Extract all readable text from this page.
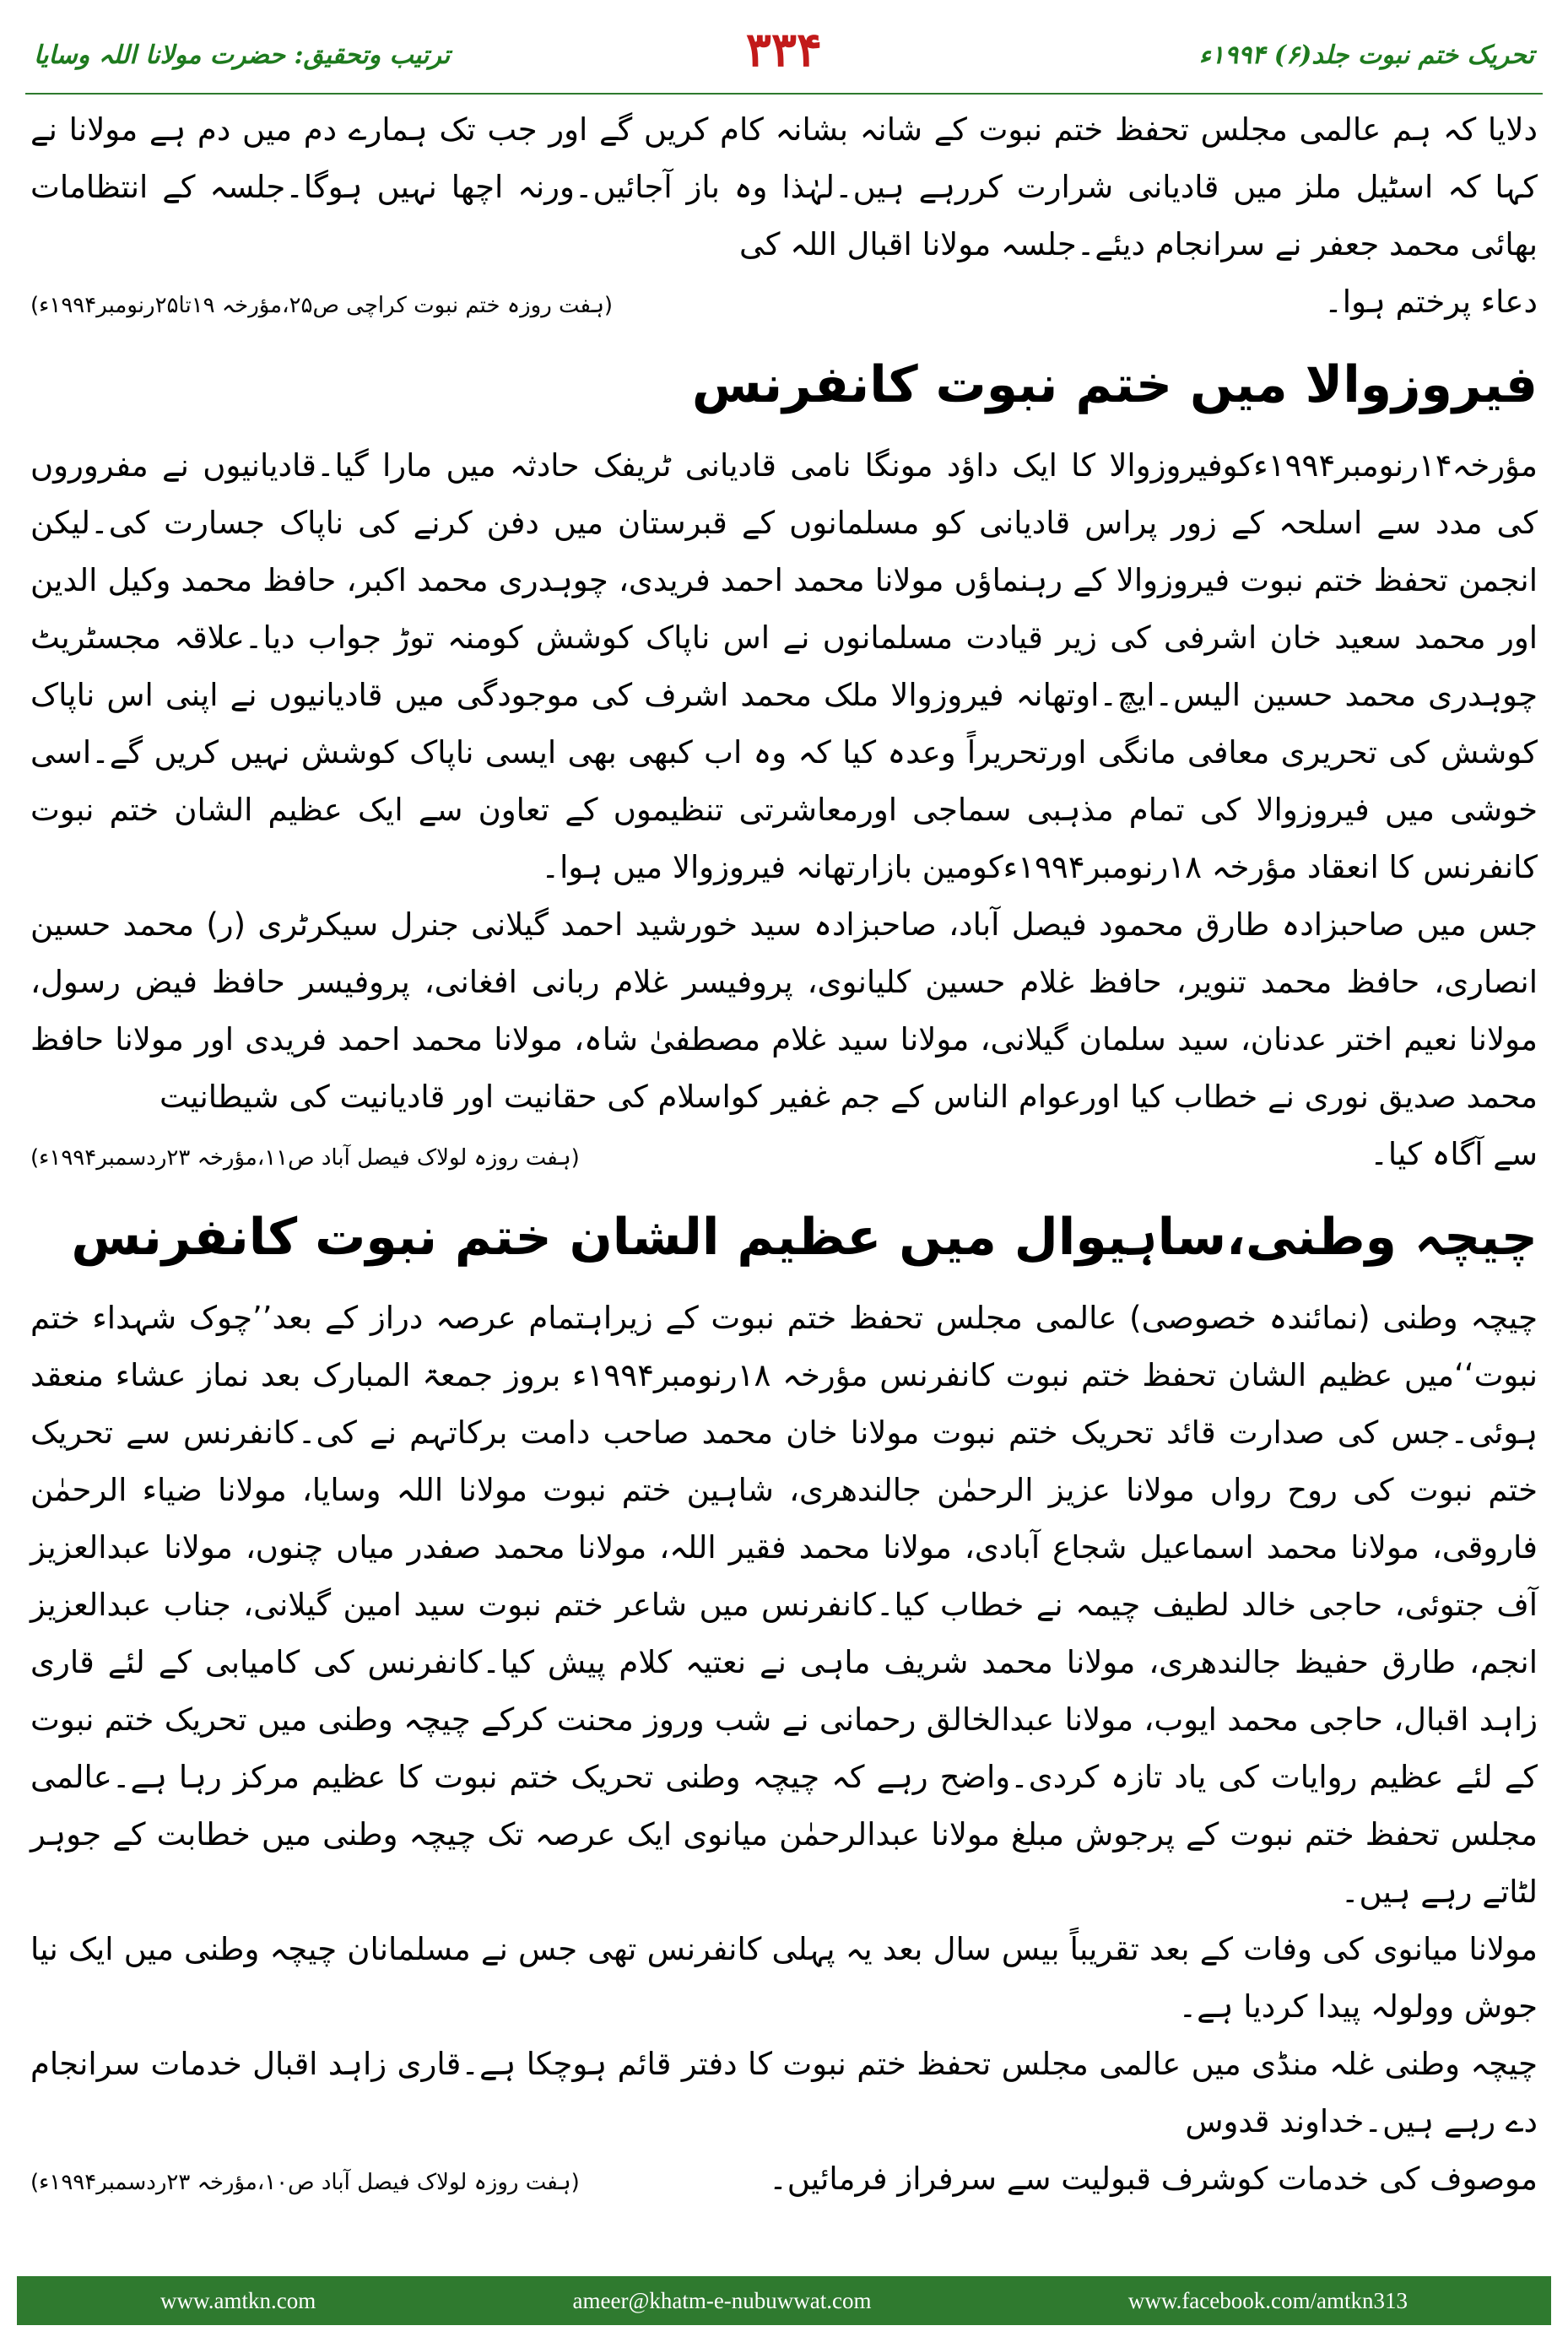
ترتیب وتحقیق: حضرت مولانا اللہ وسایا	۳۳۴	تحریک ختم نبوت جلد(۶) ۱۹۹۴ء

دلایا کہ ہم عالمی مجلس تحفظ ختم نبوت کے شانہ بشانہ کام کریں گے اور جب تک ہمارے دم میں دم ہے مولانا نے کہا کہ اسٹیل ملز میں قادیانی شرارت کررہے ہیں۔لہٰذا وہ باز آجائیں۔ورنہ اچھا نہیں ہوگا۔جلسہ کے انتظامات بھائی محمد جعفر نے سرانجام دیئے۔جلسہ مولانا اقبال اللہ کی

دعاء پرختم ہوا۔
(ہفت روزہ ختم نبوت کراچی ص۲۵،مؤرخہ ۱۹تا۲۵رنومبر۱۹۹۴ء)
فیروزوالا میں ختم نبوت کانفرنس

مؤرخہ۱۴رنومبر۱۹۹۴ءکوفیروزوالا کا ایک داؤد مونگا نامی قادیانی ٹریفک حادثہ میں مارا گیا۔قادیانیوں نے مفروروں کی مدد سے اسلحہ کے زور پراس قادیانی کو مسلمانوں کے قبرستان میں دفن کرنے کی ناپاک جسارت کی۔لیکن انجمن تحفظ ختم نبوت فیروزوالا کے رہنماؤں مولانا محمد احمد فریدی، چوہدری محمد اکبر، حافظ محمد وکیل الدین اور محمد سعید خان اشرفی کی زیر قیادت مسلمانوں نے اس ناپاک کوشش کومنہ توڑ جواب دیا۔علاقہ مجسٹریٹ چوہدری محمد حسین الیس۔ایچ۔اوتھانہ فیروزوالا ملک محمد اشرف کی موجودگی میں قادیانیوں نے اپنی اس ناپاک کوشش کی تحریری معافی مانگی اورتحریراً وعدہ کیا کہ وہ اب کبھی بھی ایسی ناپاک کوشش نہیں کریں گے۔اسی خوشی میں فیروزوالا کی تمام مذہبی سماجی اورمعاشرتی تنظیموں کے تعاون سے ایک عظیم الشان ختم نبوت کانفرنس کا انعقاد مؤرخہ ۱۸رنومبر۱۹۹۴ءکومین بازارتھانہ فیروزوالا میں ہوا۔

جس میں صاحبزادہ طارق محمود فیصل آباد، صاحبزادہ سید خورشید احمد گیلانی جنرل سیکرٹری (ر) محمد حسین انصاری، حافظ محمد تنویر، حافظ غلام حسین کلیانوی، پروفیسر غلام ربانی افغانی، پروفیسر حافظ فیض رسول، مولانا نعیم اختر عدنان، سید سلمان گیلانی، مولانا سید غلام مصطفیٰ شاہ، مولانا محمد احمد فریدی اور مولانا حافظ محمد صدیق نوری نے خطاب کیا اورعوام الناس کے جم غفیر کواسلام کی حقانیت اور قادیانیت کی شیطانیت

سے آگاہ کیا۔
(ہفت روزہ لولاک فیصل آباد ص۱۱،مؤرخہ ۲۳ردسمبر۱۹۹۴ء)
چیچہ وطنی،ساہیوال میں عظیم الشان ختم نبوت کانفرنس

چیچہ وطنی (نمائندہ خصوصی) عالمی مجلس تحفظ ختم نبوت کے زیراہتمام عرصہ دراز کے بعد’’چوک شہداء ختم نبوت‘‘میں عظیم الشان تحفظ ختم نبوت کانفرنس مؤرخہ ۱۸رنومبر۱۹۹۴ء بروز جمعۃ المبارک بعد نماز عشاء منعقد ہوئی۔جس کی صدارت قائد تحریک ختم نبوت مولانا خان محمد صاحب دامت برکاتہم نے کی۔کانفرنس سے تحریک ختم نبوت کی روح رواں مولانا عزیز الرحمٰن جالندھری، شاہین ختم نبوت مولانا اللہ وسایا، مولانا ضیاء الرحمٰن فاروقی، مولانا محمد اسماعیل شجاع آبادی، مولانا محمد فقیر اللہ، مولانا محمد صفدر میاں چنوں، مولانا عبدالعزیز آف جتوئی، حاجی خالد لطیف چیمہ نے خطاب کیا۔کانفرنس میں شاعر ختم نبوت سید امین گیلانی، جناب عبدالعزیز انجم، طارق حفیظ جالندھری، مولانا محمد شریف ماہی نے نعتیہ کلام پیش کیا۔کانفرنس کی کامیابی کے لئے قاری زاہد اقبال، حاجی محمد ایوب، مولانا عبدالخالق رحمانی نے شب وروز محنت کرکے چیچہ وطنی میں تحریک ختم نبوت کے لئے عظیم روایات کی یاد تازہ کردی۔واضح رہے کہ چیچہ وطنی تحریک ختم نبوت کا عظیم مرکز رہا ہے۔عالمی مجلس تحفظ ختم نبوت کے پرجوش مبلغ مولانا عبدالرحمٰن میانوی ایک عرصہ تک چیچہ وطنی میں خطابت کے جوہر لٹاتے رہے ہیں۔

مولانا میانوی کی وفات کے بعد تقریباً بیس سال بعد یہ پہلی کانفرنس تھی جس نے مسلمانان چیچہ وطنی میں ایک نیا جوش وولولہ پیدا کردیا ہے۔

چیچہ وطنی غلہ منڈی میں عالمی مجلس تحفظ ختم نبوت کا دفتر قائم ہوچکا ہے۔قاری زاہد اقبال خدمات سرانجام دے رہے ہیں۔خداوند قدوس

موصوف کی خدمات کوشرف قبولیت سے سرفراز فرمائیں۔
(ہفت روزہ لولاک فیصل آباد ص۱۰،مؤرخہ ۲۳ردسمبر۱۹۹۴ء)
www.amtkn.com	ameer@khatm-e-nubuwwat.com	www.facebook.com/amtkn313
